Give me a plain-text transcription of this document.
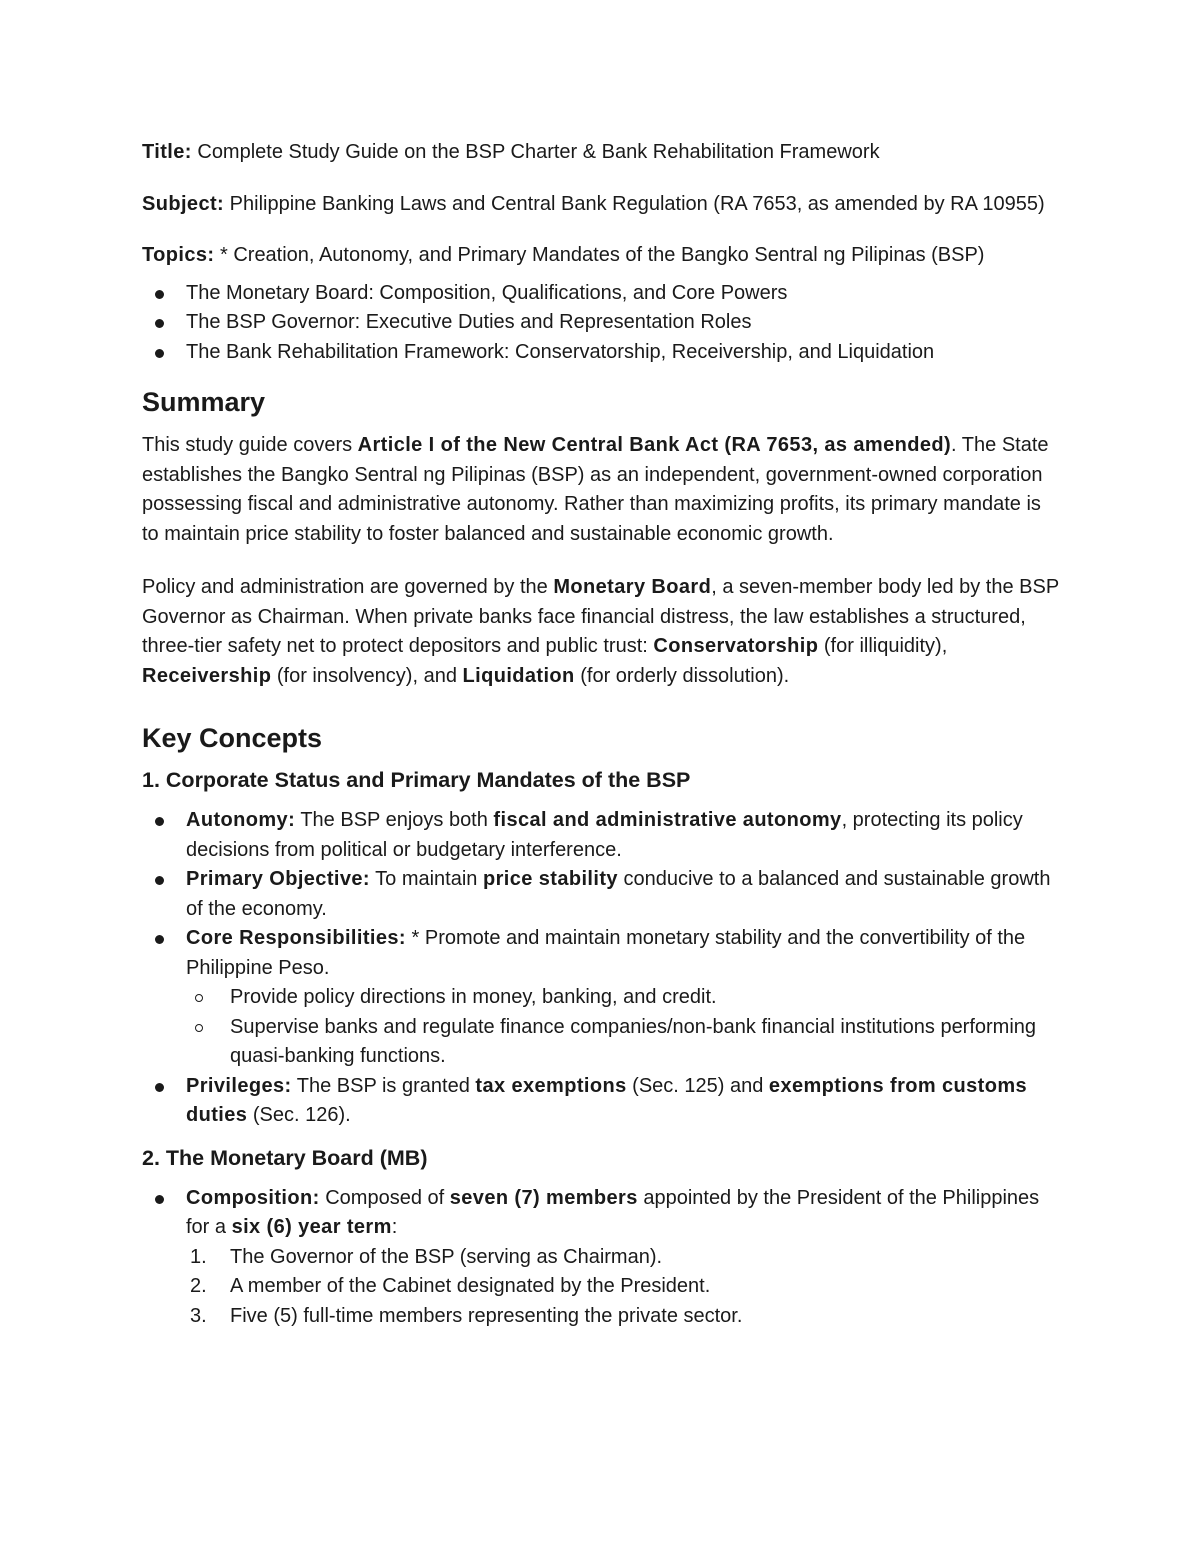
Title: Complete Study Guide on the BSP Charter & Bank Rehabilitation Framework

Subject: Philippine Banking Laws and Central Bank Regulation (RA 7653, as amended by RA 10955)

Topics: * Creation, Autonomy, and Primary Mandates of the Bangko Sentral ng Pilipinas (BSP)

The Monetary Board: Composition, Qualifications, and Core Powers
The BSP Governor: Executive Duties and Representation Roles
The Bank Rehabilitation Framework: Conservatorship, Receivership, and Liquidation
Summary

This study guide covers Article I of the New Central Bank Act (RA 7653, as amended). The State establishes the Bangko Sentral ng Pilipinas (BSP) as an independent, government-owned corporation possessing fiscal and administrative autonomy. Rather than maximizing profits, its primary mandate is to maintain price stability to foster balanced and sustainable economic growth.

Policy and administration are governed by the Monetary Board, a seven-member body led by the BSP Governor as Chairman. When private banks face financial distress, the law establishes a structured, three-tier safety net to protect depositors and public trust: Conservatorship (for illiquidity), Receivership (for insolvency), and Liquidation (for orderly dissolution).

Key Concepts
1. Corporate Status and Primary Mandates of the BSP
Autonomy: The BSP enjoys both fiscal and administrative autonomy, protecting its policy decisions from political or budgetary interference.
Primary Objective: To maintain price stability conducive to a balanced and sustainable growth of the economy.
Core Responsibilities: * Promote and maintain monetary stability and the convertibility of the Philippine Peso.
Provide policy directions in money, banking, and credit.
Supervise banks and regulate finance companies/non-bank financial institutions performing quasi-banking functions.
Privileges: The BSP is granted tax exemptions (Sec. 125) and exemptions from customs duties (Sec. 126).
2. The Monetary Board (MB)
Composition: Composed of seven (7) members appointed by the President of the Philippines for a six (6) year term:
1. The Governor of the BSP (serving as Chairman).
2. A member of the Cabinet designated by the President.
3. Five (5) full-time members representing the private sector.
